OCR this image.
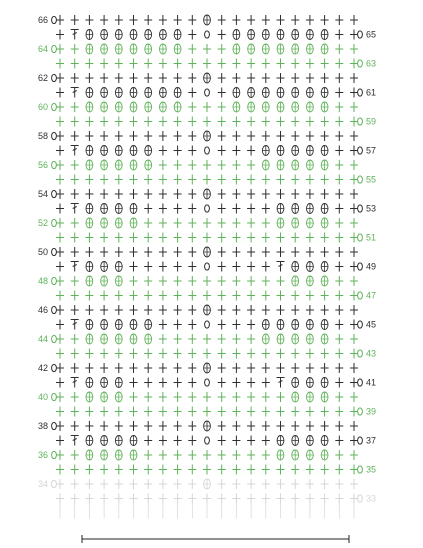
66
65
64
63
62
61
60
59
58
57
56
55
54
53
52
51
50
49
48
47
46
45
44
43
42
41
40
39
38
37
36
35
34
33
